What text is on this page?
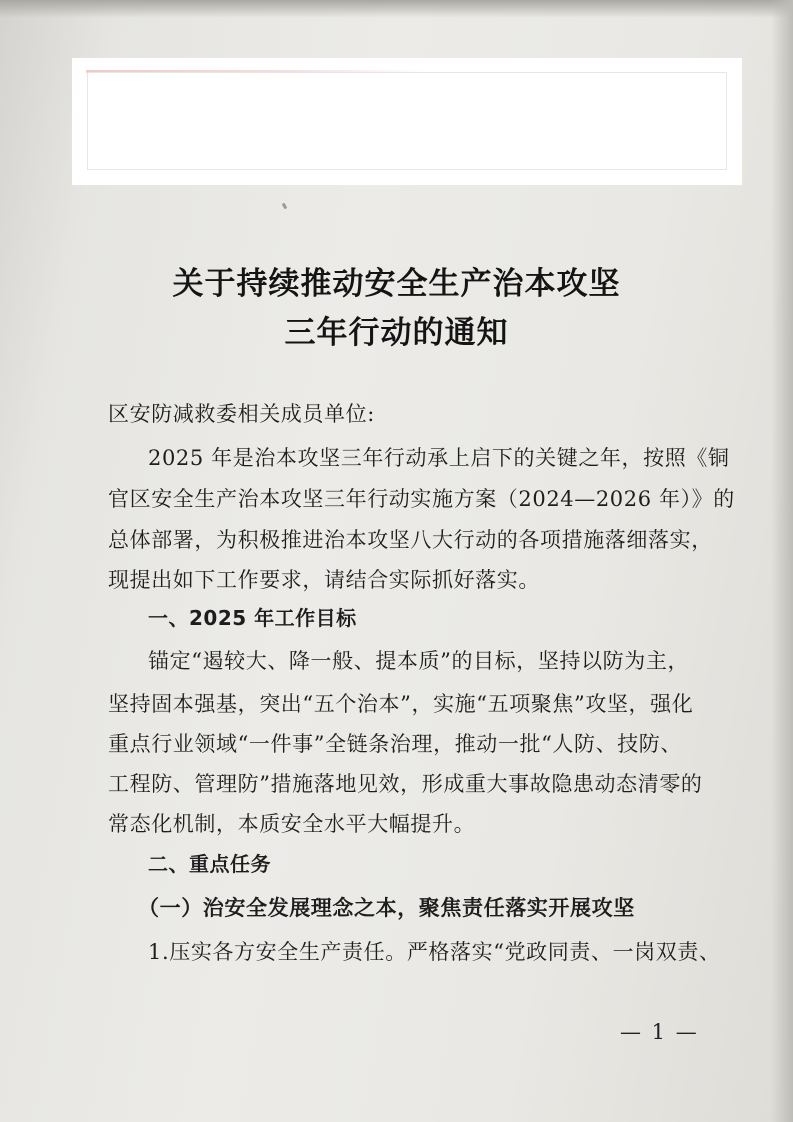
关于持续推动安全生产治本攻坚
三年行动的通知
区安防减救委相关成员单位:
2025 年是治本攻坚三年行动承上启下的关键之年，按照《铜
官区安全生产治本攻坚三年行动实施方案（2024—2026 年）》的
总体部署，为积极推进治本攻坚八大行动的各项措施落细落实，
现提出如下工作要求，请结合实际抓好落实。
一、2025 年工作目标
锚定“遏较大、降一般、提本质”的目标，坚持以防为主，
坚持固本强基，突出“五个治本”，实施“五项聚焦”攻坚，强化
重点行业领域“一件事”全链条治理，推动一批“人防、技防、
工程防、管理防”措施落地见效，形成重大事故隐患动态清零的
常态化机制，本质安全水平大幅提升。
二、重点任务
（一）治安全发展理念之本，聚焦责任落实开展攻坚
1.压实各方安全生产责任。严格落实“党政同责、一岗双责、
— 1 —
